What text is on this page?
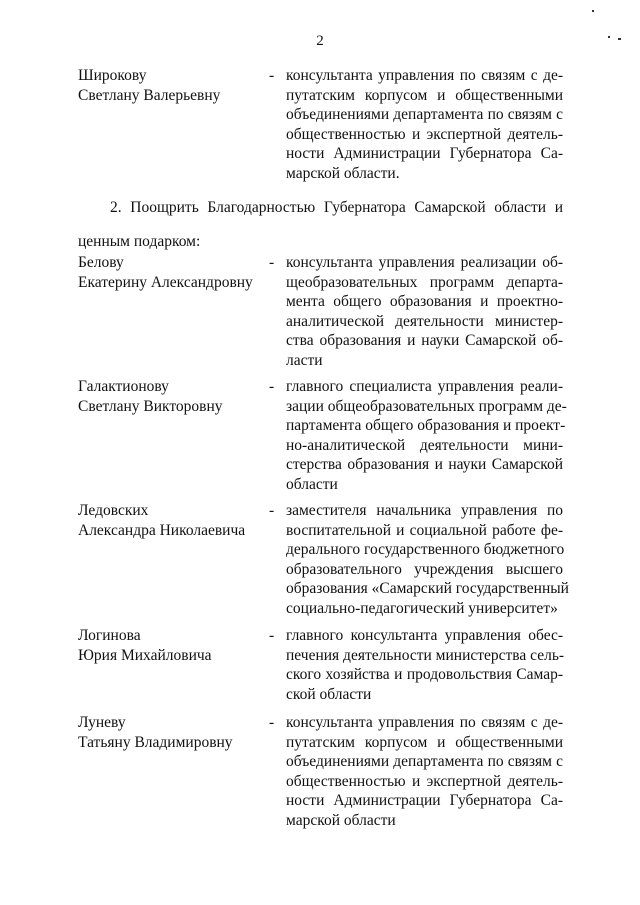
2
Широкову
Светлану Валерьевну
- консультанта управления по связям с де-
путатским корпусом и общественными
объединениями департамента по связям с
общественностью и экспертной деятель-
ности Администрации Губернатора Са-
марской области.
2. Поощрить Благодарностью Губернатора Самарской области и
ценным подарком:
Белову
Екатерину Александровну
- консультанта управления реализации об-
щеобразовательных программ департа-
мента общего образования и проектно-
аналитической деятельности министер-
ства образования и науки Самарской об-
ласти
Галактионову
Светлану Викторовну
- главного специалиста управления реали-
зации общеобразовательных программ де-
партамента общего образования и проект-
но-аналитической деятельности мини-
стерства образования и науки Самарской
области
Ледовских
Александра Николаевича
- заместителя начальника управления по
воспитательной и социальной работе фе-
дерального государственного бюджетного
образовательного учреждения высшего
образования «Самарский государственный
социально-педагогический университет»
Логинова
Юрия Михайловича
- главного консультанта управления обес-
печения деятельности министерства сель-
ского хозяйства и продовольствия Самар-
ской области
Луневу
Татьяну Владимировну
- консультанта управления по связям с де-
путатским корпусом и общественными
объединениями департамента по связям с
общественностью и экспертной деятель-
ности Администрации Губернатора Са-
марской области
